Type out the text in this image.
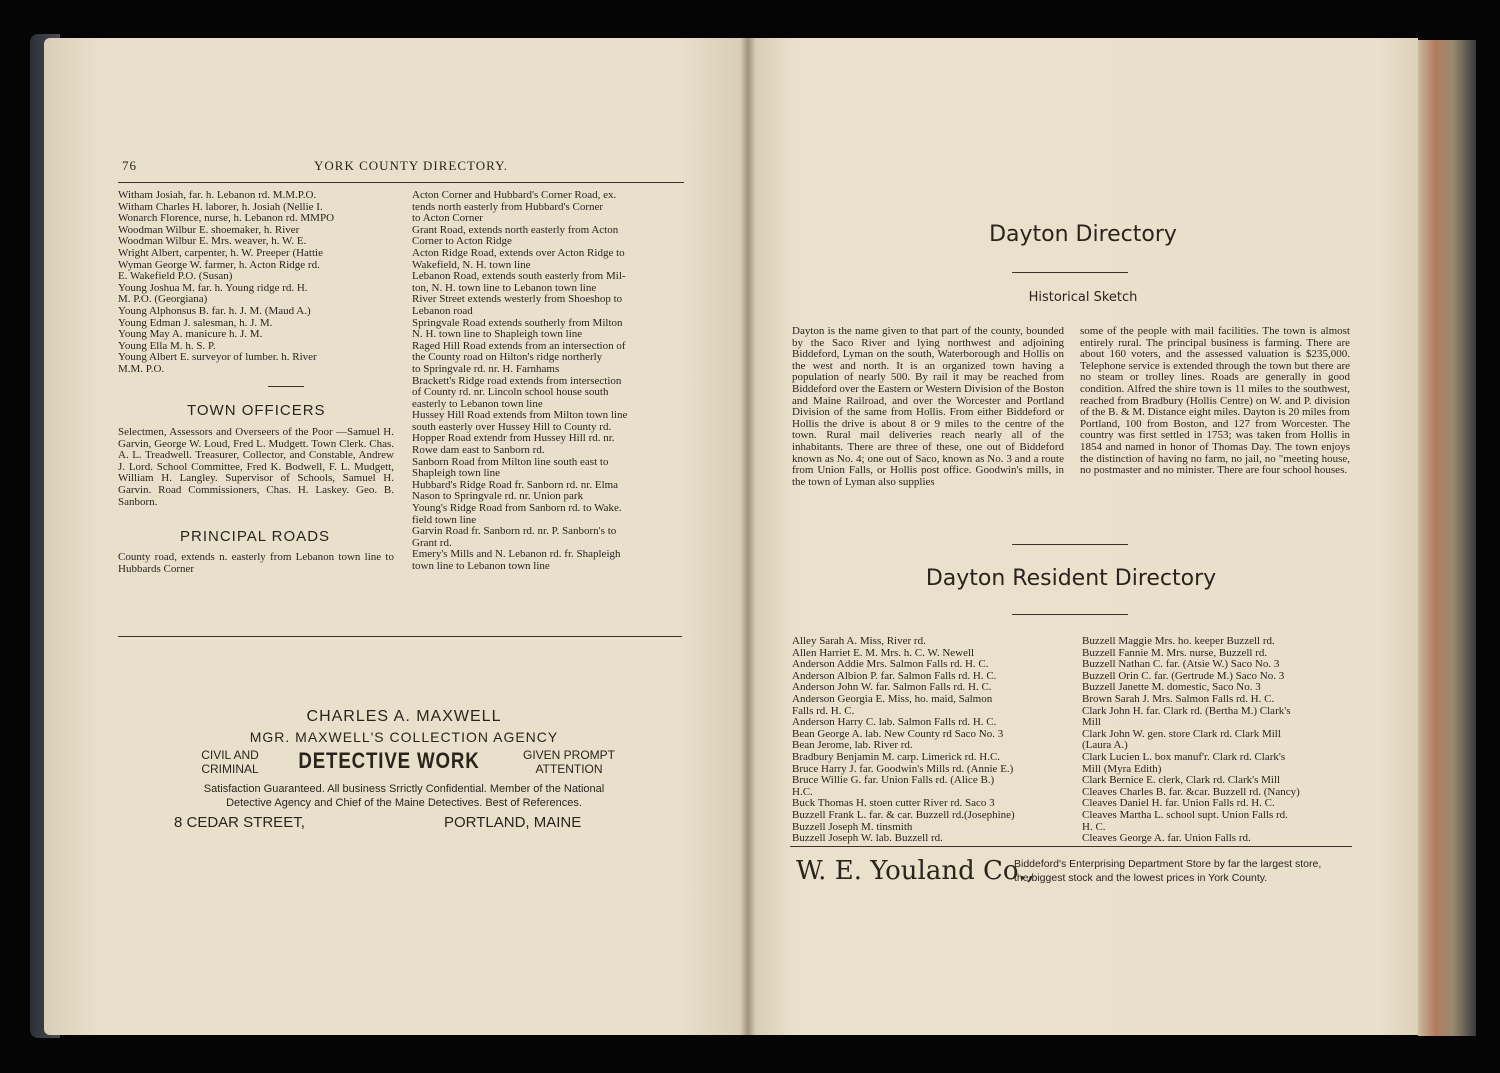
76	YORK COUNTY DIRECTORY.
Witham Josiah, far. h. Lebanon rd. M.M.P.O.
Witham Charles H. laborer, h. Josiah (Nellie I.
Wonarch Florence, nurse, h. Lebanon rd. MMPO
Woodman Wilbur E. shoemaker, h. River
Woodman Wilbur E. Mrs. weaver, h. W. E.
Wright Albert, carpenter, h. W. Preeper (Hattie
Wyman George W. farmer, h. Acton Ridge rd.
E. Wakefield P.O. (Susan)
Young Joshua M. far. h. Young ridge rd. H.
M. P.O. (Georgiana)
Young Alphonsus B. far. h. J. M. (Maud A.)
Young Edman J. salesman, h. J. M.
Young May A. manicure h. J. M.
Young Ella M. h. S. P.
Young Albert E. surveyor of lumber. h. River
M.M. P.O.
TOWN OFFICERS
Selectmen, Assessors and Overseers of the Poor —Samuel H. Garvin, George W. Loud, Fred L. Mudgett. Town Clerk. Chas. A. L. Treadwell. Treasurer, Collector, and Constable, Andrew J. Lord. School Committee, Fred K. Bodwell, F. L. Mudgett, William H. Langley. Supervisor of Schools, Samuel H. Garvin. Road Commissioners, Chas. H. Laskey. Geo. B. Sanborn.
PRINCIPAL ROADS
County road, extends n. easterly from Lebanon town line to Hubbards Corner
Acton Corner and Hubbard's Corner Road, ex.
tends north easterly from Hubbard's Corner
to Acton Corner
Grant Road, extends north easterly from Acton
Corner to Acton Ridge
Acton Ridge Road, extends over Acton Ridge to
Wakefield, N. H. town line
Lebanon Road, extends south easterly from Mil-
ton, N. H. town line to Lebanon town line
River Street extends westerly from Shoeshop to
Lebanon road
Springvale Road extends southerly from Milton
N. H. town line to Shapleigh town line
Raged Hill Road extends from an intersection of
the County road on Hilton's ridge northerly
to Springvale rd. nr. H. Farnhams
Brackett's Ridge road extends from intersection
of County rd. nr. Lincoln school house south
easterly to Lebanon town line
Hussey Hill Road extends from Milton town line
south easterly over Hussey Hill to County rd.
Hopper Road extendr from Hussey Hill rd. nr.
Rowe dam east to Sanborn rd.
Sanborn Road from Milton line south east to
Shapleigh town line
Hubbard's Ridge Road fr. Sanborn rd. nr. Elma
Nason to Springvale rd. nr. Union park
Young's Ridge Road from Sanborn rd. to Wake.
field town line
Garvin Road fr. Sanborn rd. nr. P. Sanborn's to
Grant rd.
Emery's Mills and N. Lebanon rd. fr. Shapleigh
town line to Lebanon town line
CHARLES A. MAXWELL
MGR. MAXWELL'S COLLECTION AGENCY
CIVIL AND
CRIMINAL	DETECTIVE WORK	GIVEN PROMPT
ATTENTION
Satisfaction Guaranteed. All business Srrictly Confidential. Member of the National
Detective Agency and Chief of the Maine Detectives. Best of References.
8 CEDAR STREET,	PORTLAND, MAINE
Dayton Directory
Historical Sketch
Dayton is the name given to that part of the county, bounded by the Saco River and lying northwest and adjoining Biddeford, Lyman on the south, Waterborough and Hollis on the west and north. It is an organized town having a population of nearly 500. By rail it may be reached from Biddeford over the Eastern or Western Division of the Boston and Maine Railroad, and over the Worcester and Portland Division of the same from Hollis. From either Biddeford or Hollis the drive is about 8 or 9 miles to the centre of the town. Rural mail deliveries reach nearly all of the inhabitants. There are three of these, one out of Biddeford known as No. 4; one out of Saco, known as No. 3 and a route from Union Falls, or Hollis post office. Goodwin's mills, in the town of Lyman also supplies
some of the people with mail facilities. The town is almost entirely rural. The principal business is farming. There are about 160 voters, and the assessed valuation is $235,000. Telephone service is extended through the town but there are no steam or trolley lines. Roads are generally in good condition. Alfred the shire town is 11 miles to the southwest, reached from Bradbury (Hollis Centre) on W. and P. division of the B. & M. Distance eight miles. Dayton is 20 miles from Portland, 100 from Boston, and 127 from Worcester. The country was first settled in 1753; was taken from Hollis in 1854 and named in honor of Thomas Day. The town enjoys the distinction of having no farm, no jail, no "meeting house, no postmaster and no minister. There are four school houses.
Dayton Resident Directory
Alley Sarah A. Miss, River rd.
Allen Harriet E. M. Mrs. h. C. W. Newell
Anderson Addie Mrs. Salmon Falls rd. H. C.
Anderson Albion P. far. Salmon Falls rd. H. C.
Anderson John W. far. Salmon Falls rd. H. C.
Anderson Georgia E. Miss, ho. maid, Salmon
Falls rd. H. C.
Anderson Harry C. lab. Salmon Falls rd. H. C.
Bean George A. lab. New County rd Saco No. 3
Bean Jerome, lab. River rd.
Bradbury Benjamin M. carp. Limerick rd. H.C.
Bruce Harry J. far. Goodwin's Mills rd. (Annie E.)
Bruce Willie G. far. Union Falls rd. (Alice B.)
H.C.
Buck Thomas H. stoen cutter River rd. Saco 3
Buzzell Frank L. far. & car. Buzzell rd.(Josephine)
Buzzell Joseph M. tinsmith
Buzzell Joseph W. lab. Buzzell rd.
Buzzell Maggie Mrs. ho. keeper Buzzell rd.
Buzzell Fannie M. Mrs. nurse, Buzzell rd.
Buzzell Nathan C. far. (Atsie W.) Saco No. 3
Buzzell Orin C. far. (Gertrude M.) Saco No. 3
Buzzell Janette M. domestic, Saco No. 3
Brown Sarah J. Mrs. Salmon Falls rd. H. C.
Clark John H. far. Clark rd. (Bertha M.) Clark's
Mill
Clark John W. gen. store Clark rd. Clark Mill
(Laura A.)
Clark Lucien L. box manuf'r. Clark rd. Clark's
Mill (Myra Edith)
Clark Bernice E. clerk, Clark rd. Clark's Mill
Cleaves Charles B. far. &car. Buzzell rd. (Nancy)
Cleaves Daniel H. far. Union Falls rd. H. C.
Cleaves Martha L. school supt. Union Falls rd.
H. C.
Cleaves George A. far. Union Falls rd.
W. E. Youland Co.,
Biddeford's Enterprising Department Store by far the largest store,
the biggest stock and the lowest prices in York County.
